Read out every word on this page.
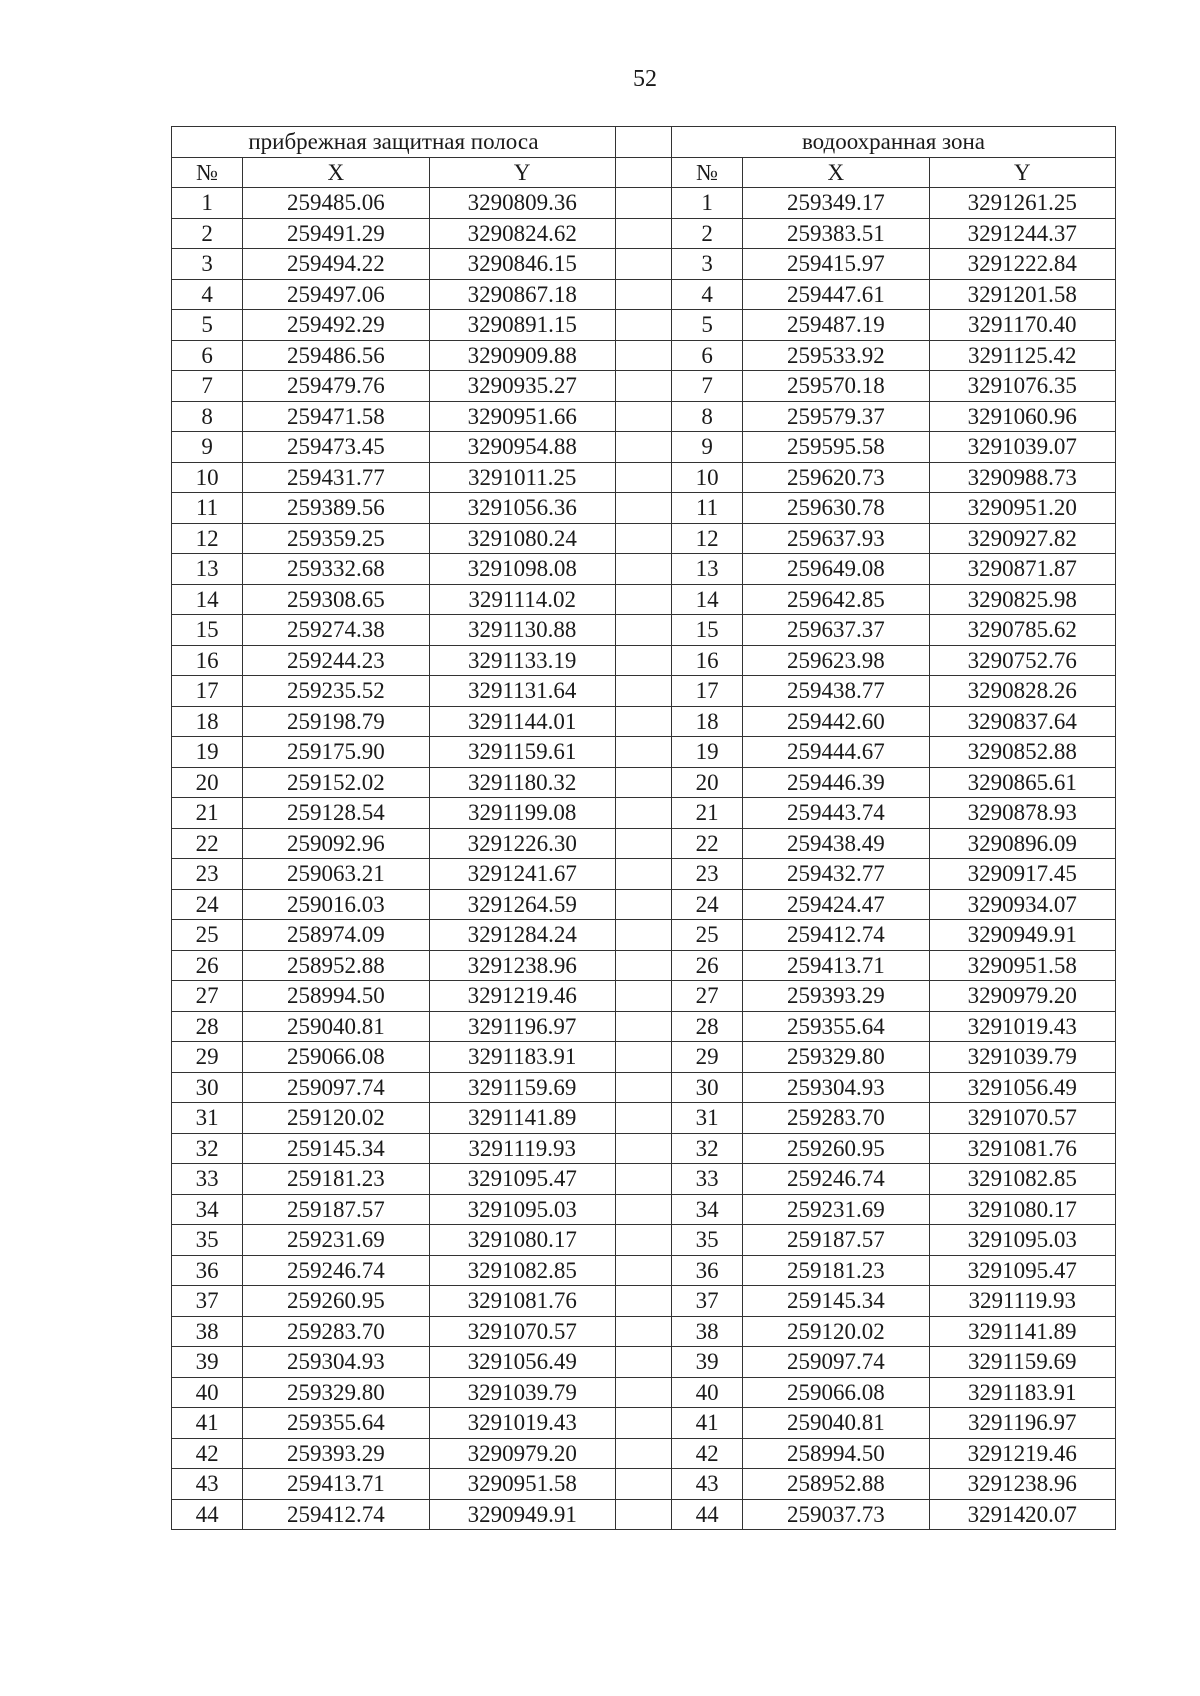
52
прибрежная защитная полоса				водоохранная зона		
№	X	Y		№	X	Y
1	259485.06	3290809.36		1	259349.17	3291261.25
2	259491.29	3290824.62		2	259383.51	3291244.37
3	259494.22	3290846.15		3	259415.97	3291222.84
4	259497.06	3290867.18		4	259447.61	3291201.58
5	259492.29	3290891.15		5	259487.19	3291170.40
6	259486.56	3290909.88		6	259533.92	3291125.42
7	259479.76	3290935.27		7	259570.18	3291076.35
8	259471.58	3290951.66		8	259579.37	3291060.96
9	259473.45	3290954.88		9	259595.58	3291039.07
10	259431.77	3291011.25		10	259620.73	3290988.73
11	259389.56	3291056.36		11	259630.78	3290951.20
12	259359.25	3291080.24		12	259637.93	3290927.82
13	259332.68	3291098.08		13	259649.08	3290871.87
14	259308.65	3291114.02		14	259642.85	3290825.98
15	259274.38	3291130.88		15	259637.37	3290785.62
16	259244.23	3291133.19		16	259623.98	3290752.76
17	259235.52	3291131.64		17	259438.77	3290828.26
18	259198.79	3291144.01		18	259442.60	3290837.64
19	259175.90	3291159.61		19	259444.67	3290852.88
20	259152.02	3291180.32		20	259446.39	3290865.61
21	259128.54	3291199.08		21	259443.74	3290878.93
22	259092.96	3291226.30		22	259438.49	3290896.09
23	259063.21	3291241.67		23	259432.77	3290917.45
24	259016.03	3291264.59		24	259424.47	3290934.07
25	258974.09	3291284.24		25	259412.74	3290949.91
26	258952.88	3291238.96		26	259413.71	3290951.58
27	258994.50	3291219.46		27	259393.29	3290979.20
28	259040.81	3291196.97		28	259355.64	3291019.43
29	259066.08	3291183.91		29	259329.80	3291039.79
30	259097.74	3291159.69		30	259304.93	3291056.49
31	259120.02	3291141.89		31	259283.70	3291070.57
32	259145.34	3291119.93		32	259260.95	3291081.76
33	259181.23	3291095.47		33	259246.74	3291082.85
34	259187.57	3291095.03		34	259231.69	3291080.17
35	259231.69	3291080.17		35	259187.57	3291095.03
36	259246.74	3291082.85		36	259181.23	3291095.47
37	259260.95	3291081.76		37	259145.34	3291119.93
38	259283.70	3291070.57		38	259120.02	3291141.89
39	259304.93	3291056.49		39	259097.74	3291159.69
40	259329.80	3291039.79		40	259066.08	3291183.91
41	259355.64	3291019.43		41	259040.81	3291196.97
42	259393.29	3290979.20		42	258994.50	3291219.46
43	259413.71	3290951.58		43	258952.88	3291238.96
44	259412.74	3290949.91		44	259037.73	3291420.07
